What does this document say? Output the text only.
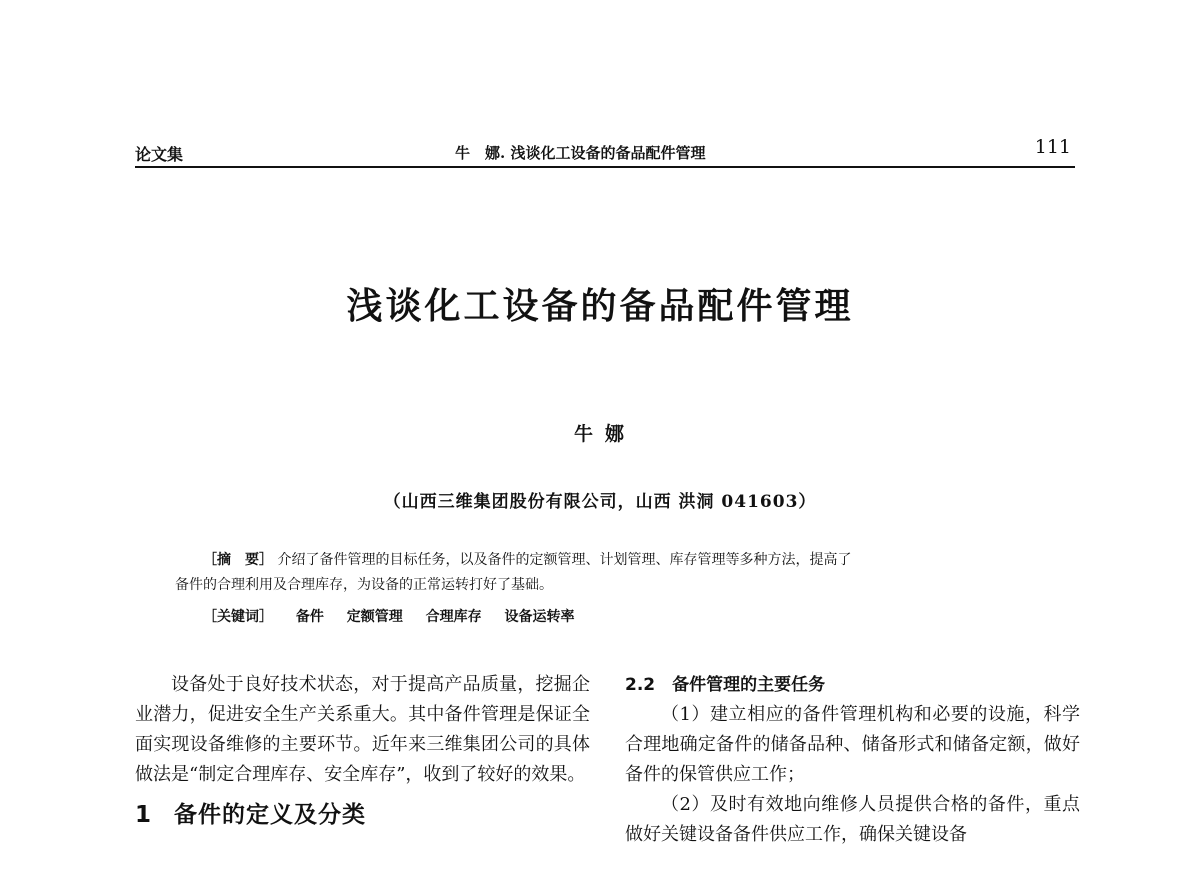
论文集	牛　娜. 浅谈化工设备的备品配件管理	111
浅谈化工设备的备品配件管理
牛娜
（山西三维集团股份有限公司，山西 洪洞 041603）
［摘　要］ 介绍了备件管理的目标任务，以及备件的定额管理、计划管理、库存管理等多种方法，提高了
备件的合理利用及合理库存，为设备的正常运转打好了基础。
［关键词］ 备件 定额管理 合理库存 设备运转率

设备处于良好技术状态，对于提高产品质量，挖掘企业潜力，促进安全生产关系重大。其中备件管理是保证全面实现设备维修的主要环节。近年来三维集团公司的具体做法是“制定合理库存、安全库存”，收到了较好的效果。

1 备件的定义及分类

2.2　备件管理的主要任务

（1）建立相应的备件管理机构和必要的设施，科学合理地确定备件的储备品种、储备形式和储备定额，做好备件的保管供应工作；

（2）及时有效地向维修人员提供合格的备件，重点做好关键设备备件供应工作，确保关键设备
